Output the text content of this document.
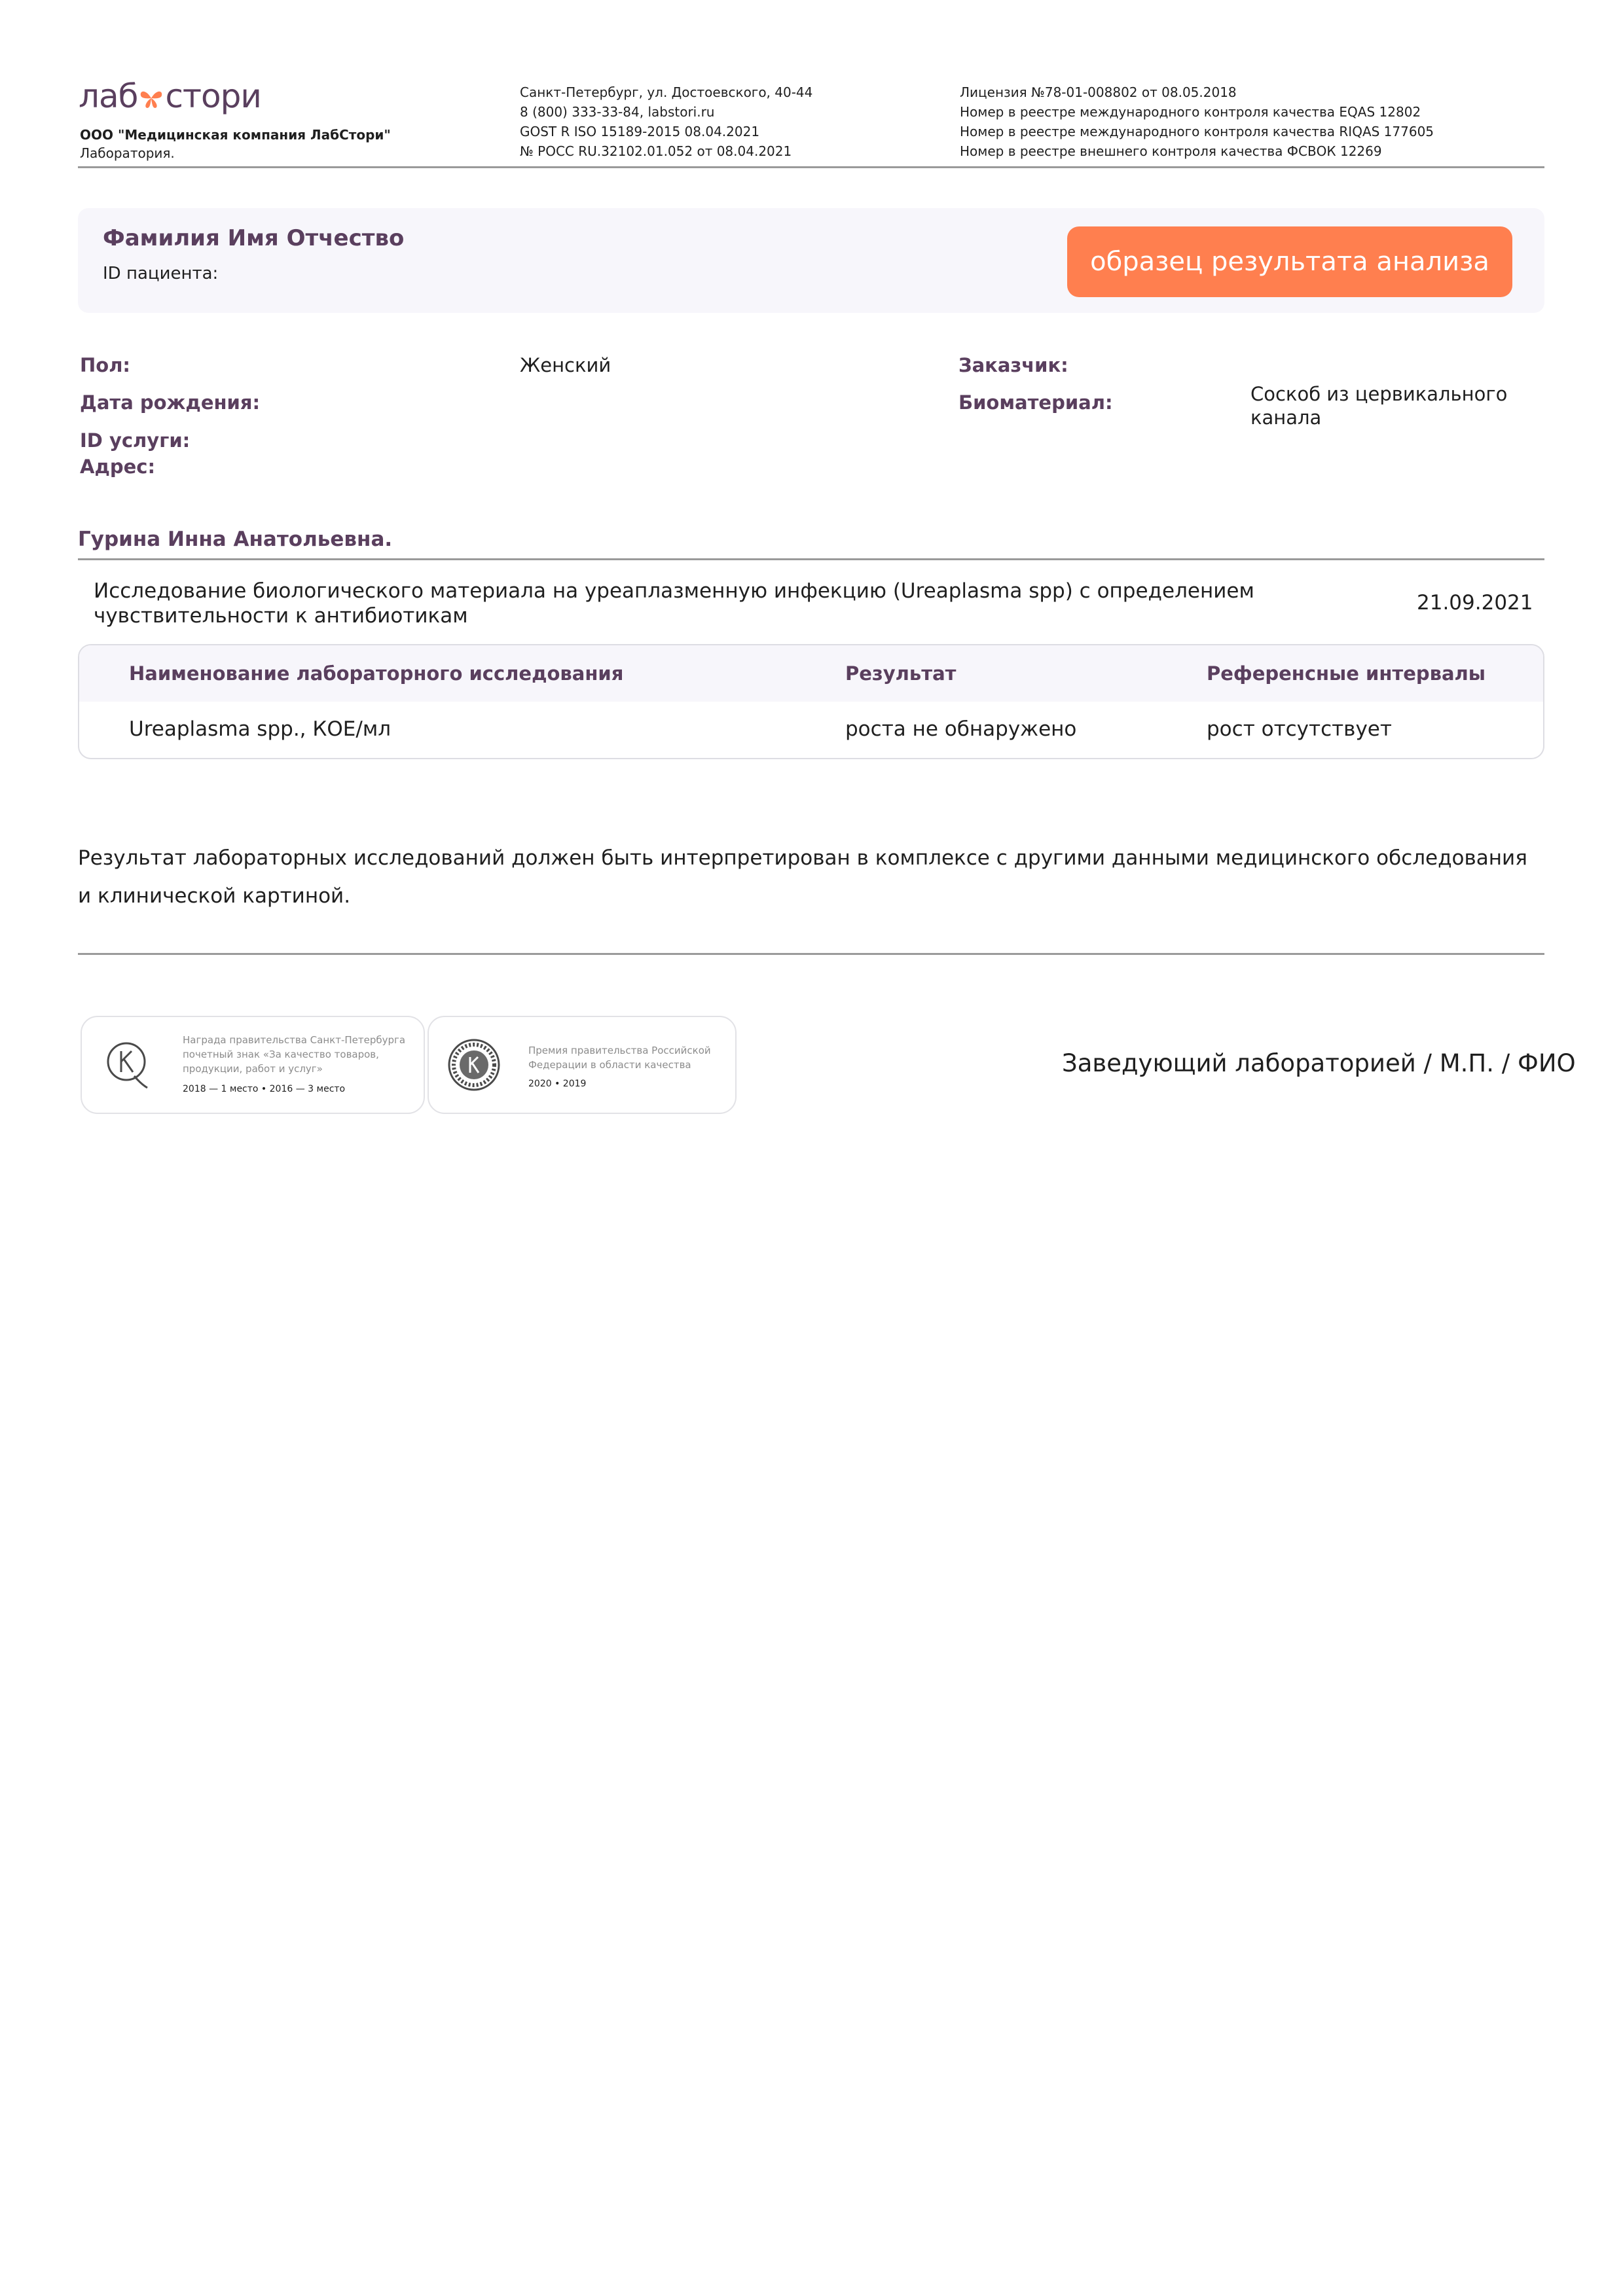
лаб стори
ООО "Медицинская компания ЛабСтори"
Лаборатория.
Санкт-Петербург, ул. Достоевского, 40-44
8 (800) 333-33-84, labstori.ru
GOST R ISO 15189-2015 08.04.2021
№ РОСС RU.32102.01.052 от 08.04.2021
Лицензия №78-01-008802 от 08.05.2018
Номер в реестре международного контроля качества EQAS 12802
Номер в реестре международного контроля качества RIQAS 177605
Номер в реестре внешнего контроля качества ФСВОК 12269
Фамилия Имя Отчество
ID пациента:	образец результата анализа
Пол:	Женский
Дата рождения:
ID услуги:
Адрес:
Заказчик:
Биоматериал:	Соскоб из цервикального канала
Гурина Инна Анатольевна.
Исследование биологического материала на уреаплазменную инфекцию (Ureaplasma spp) с определением чувствительности к антибиотикам
21.09.2021
Наименование лабораторного исследования	Результат	Референсные интервалы
Ureaplasma spp., КОЕ/мл	роста не обнаружено	рост отсутствует
Результат лабораторных исследований должен быть интерпретирован в комплексе с другими данными медицинского обследования и клинической картиной.
Награда правительства Санкт-Петербурга
почетный знак «За качество товаров,
продукции, работ и услуг»
2018 — 1 место • 2016 — 3 место
Премия правительства Российской
Федерации в области качества
2020 • 2019
Заведующий лабораторией / М.П. / ФИО
